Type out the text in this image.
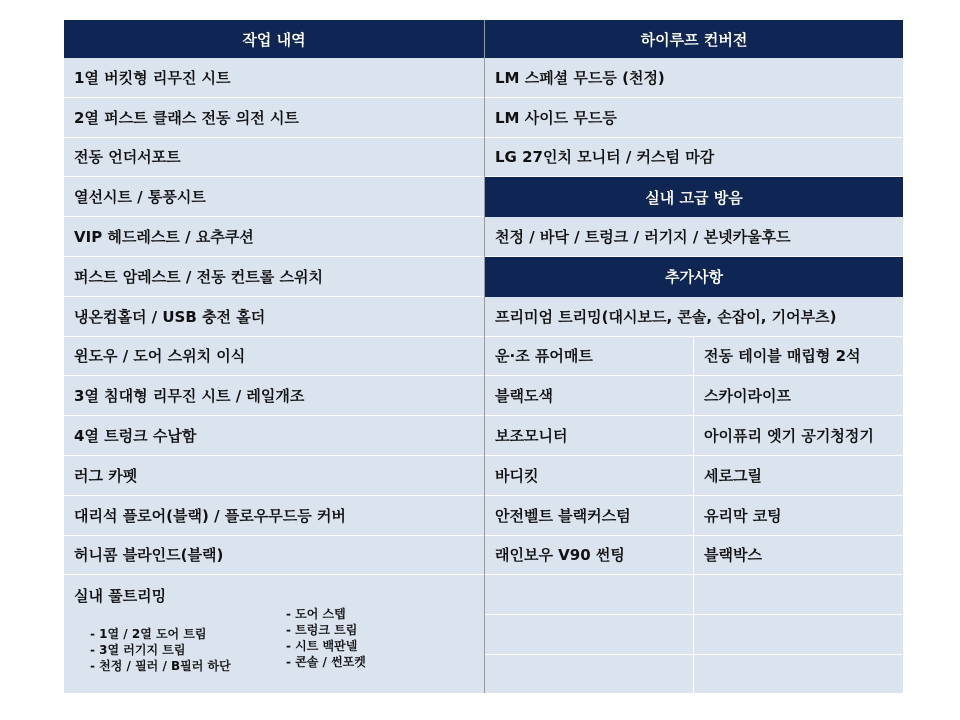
작업 내역
1열 버킷형 리무진 시트
2열 퍼스트 클래스 전동 의전 시트
전동 언더서포트
열선시트 / 통풍시트
VIP 헤드레스트 / 요추쿠션
퍼스트 암레스트 / 전동 컨트롤 스위치
냉온컵홀더 / USB 충전 홀더
윈도우 / 도어 스위치 이식
3열 침대형 리무진 시트 / 레일개조
4열 트렁크 수납함
러그 카펫
대리석 플로어(블랙) / 플로우무드등 커버
허니콤 블라인드(블랙)
실내 풀트리밍
- 1열 / 2열 도어 트림
- 3열 러기지 트림
- 천정 / 필러 / B필러 하단
- 도어 스텝
- 트렁크 트림
- 시트 백판넬
- 콘솔 / 썬포켓
하이루프 컨버전
LM 스페셜 무드등 (천정)
LM 사이드 무드등
LG 27인치 모니터 / 커스텀 마감
실내 고급 방음
천정 / 바닥 / 트렁크 / 러기지 / 본넷카울후드
추가사항
프리미엄 트리밍(대시보드, 콘솔, 손잡이, 기어부츠)
운·조 퓨어매트	전동 테이블 매립형 2석
블랙도색	스카이라이프
보조모니터	아이퓨리 엣기 공기청정기
바디킷	세로그릴
안전벨트 블랙커스텀	유리막 코팅
래인보우 V90 썬팅	블랙박스
